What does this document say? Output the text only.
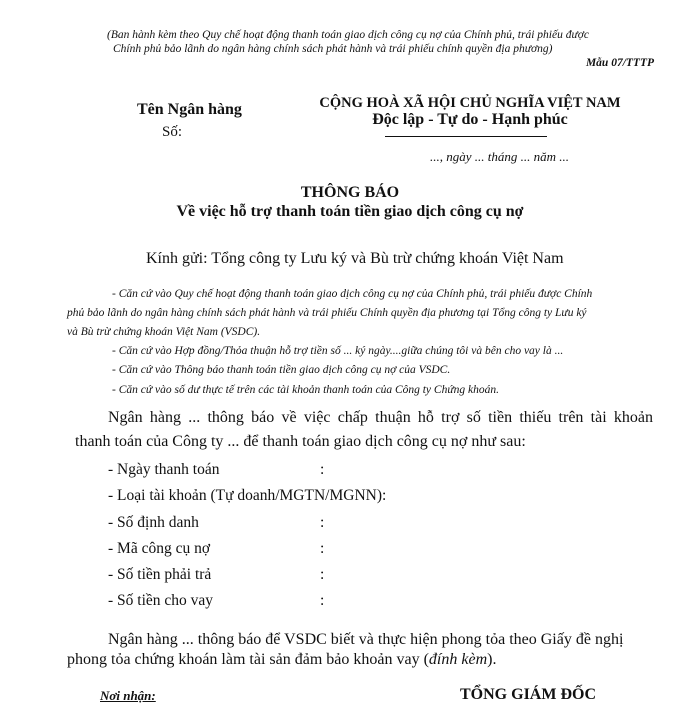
(Ban hành kèm theo Quy chế hoạt động thanh toán giao dịch công cụ nợ của Chính phủ, trái phiếu được
Chính phủ bảo lãnh do ngân hàng chính sách phát hành và trái phiếu chính quyền địa phương)
Mẫu 07/TTTP
Tên Ngân hàng
Số:
CỘNG HOÀ XÃ HỘI CHỦ NGHĨA VIỆT NAM
Độc lập - Tự do - Hạnh phúc
..., ngày ... tháng ... năm ...
THÔNG BÁO
Về việc hỗ trợ thanh toán tiền giao dịch công cụ nợ
Kính gửi: Tổng công ty Lưu ký và Bù trừ chứng khoán Việt Nam
- Căn cứ vào Quy chế hoạt động thanh toán giao dịch công cụ nợ của Chính phủ, trái phiếu được Chính
phủ bảo lãnh do ngân hàng chính sách phát hành và trái phiếu Chính quyền địa phương tại Tổng công ty Lưu ký
và Bù trừ chứng khoán Việt Nam (VSDC).
- Căn cứ vào Hợp đồng/Thỏa thuận hỗ trợ tiền số ... ký ngày....giữa chúng tôi và bên cho vay là ...
- Căn cứ vào Thông báo thanh toán tiền giao dịch công cụ nợ của VSDC.
- Căn cứ vào số dư thực tế trên các tài khoản thanh toán của Công ty Chứng khoán.
Ngân hàng ... thông báo về việc chấp thuận hỗ trợ số tiền thiếu trên tài khoản
thanh toán của Công ty ... để thanh toán giao dịch công cụ nợ như sau:
- Ngày thanh toán	:
- Loại tài khoản (Tự doanh/MGTN/MGNN):
- Số định danh	:
- Mã công cụ nợ	:
- Số tiền phải trả	:
- Số tiền cho vay	:
Ngân hàng ... thông báo để VSDC biết và thực hiện phong tỏa theo Giấy đề nghị
phong tỏa chứng khoán làm tài sản đảm bảo khoản vay (đính kèm).
Nơi nhận:	TỔNG GIÁM ĐỐC
